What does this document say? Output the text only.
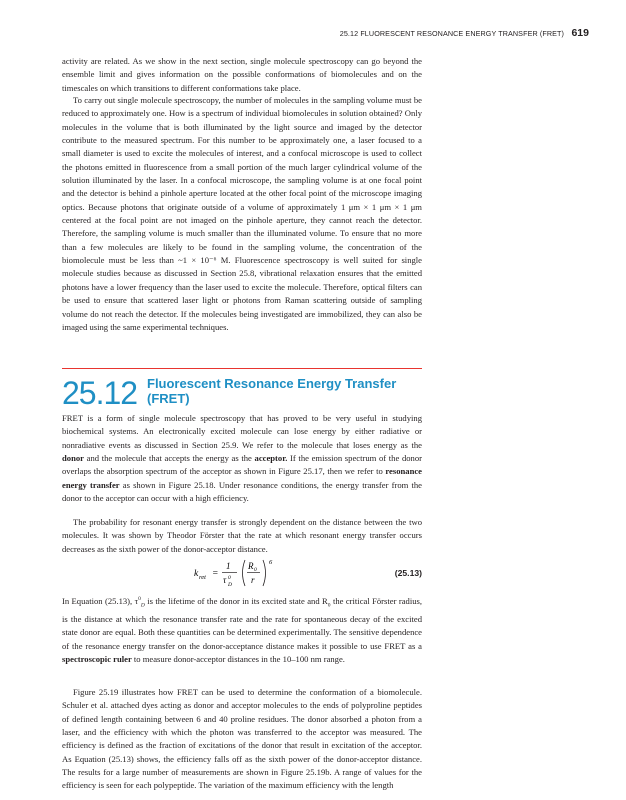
25.12 FLUORESCENT RESONANCE ENERGY TRANSFER (FRET) 619

activity are related. As we show in the next section, single molecule spectroscopy can go beyond the ensemble limit and gives information on the possible conformations of biomolecules and on the timescales on which transitions to different conformations take place.

To carry out single molecule spectroscopy, the number of molecules in the sampling volume must be reduced to approximately one. How is a spectrum of individual biomolecules in solution obtained? Only molecules in the volume that is both illuminated by the light source and imaged by the detector contribute to the measured spectrum. For this number to be approximately one, a laser focused to a small diameter is used to excite the molecules of interest, and a confocal microscope is used to collect the photons emitted in fluorescence from a small portion of the much larger cylindrical volume of the solution illuminated by the laser. In a confocal microscope, the sampling volume is at one focal point and the detector is behind a pinhole aperture located at the other focal point of the microscope imaging optics. Because photons that originate outside of a volume of approximately 1 μm × 1 μm × 1 μm centered at the focal point are not imaged on the pinhole aperture, they cannot reach the detector. Therefore, the sampling volume is much smaller than the illuminated volume. To ensure that no more than a few molecules are likely to be found in the sampling volume, the concentration of the biomolecule must be less than ~1 × 10⁻⁶ M. Fluorescence spectroscopy is well suited for single molecule studies because as discussed in Section 25.8, vibrational relaxation ensures that the emitted photons have a lower frequency than the laser used to excite the molecule. Therefore, optical filters can be used to ensure that scattered laser light or photons from Raman scattering outside of sampling volume do not reach the detector. If the molecules being investigated are immobilized, they can also be imaged using the same experimental techniques.

25.12 Fluorescent Resonance Energy Transfer (FRET)

FRET is a form of single molecule spectroscopy that has proved to be very useful in studying biochemical systems. An electronically excited molecule can lose energy by either radiative or nonradiative events as discussed in Section 25.9. We refer to the molecule that loses energy as the donor and the molecule that accepts the energy as the acceptor. If the emission spectrum of the donor overlaps the absorption spectrum of the acceptor as shown in Figure 25.17, then we refer to resonance energy transfer as shown in Figure 25.18. Under resonance conditions, the energy transfer from the donor to the acceptor can occur with a high efficiency.

The probability for resonant energy transfer is strongly dependent on the distance between the two molecules. It was shown by Theodor Förster that the rate at which resonant energy transfer occurs decreases as the sixth power of the donor-acceptor distance.

k ret =
1
τ 0
D
R 0
r
6
(25.13)

In Equation (25.13), $\tau^0_D$ is the lifetime of the donor in its excited state and $R_0$ the critical Förster radius, is the distance at which the resonance transfer rate and the rate for spontaneous decay of the excited state donor are equal. Both these quantities can be determined experimentally. The sensitive dependence of the resonance energy transfer on the donor-acceptance distance makes it possible to use FRET as a spectroscopic ruler to measure donor-acceptor distances in the 10–100 nm range.

Figure 25.19 illustrates how FRET can be used to determine the conformation of a biomolecule. Schuler et al. attached dyes acting as donor and acceptor molecules to the ends of polyproline peptides of defined length containing between 6 and 40 proline residues. The donor absorbed a photon from a laser, and the efficiency with which the photon was transferred to the acceptor was measured. The efficiency is defined as the fraction of excitations of the donor that result in excitation of the acceptor. As Equation (25.13) shows, the efficiency falls off as the sixth power of the donor-acceptor distance. The results for a large number of measurements are shown in Figure 25.19b. A range of values for the efficiency is seen for each polypeptide. The variation of the maximum efficiency with the length
